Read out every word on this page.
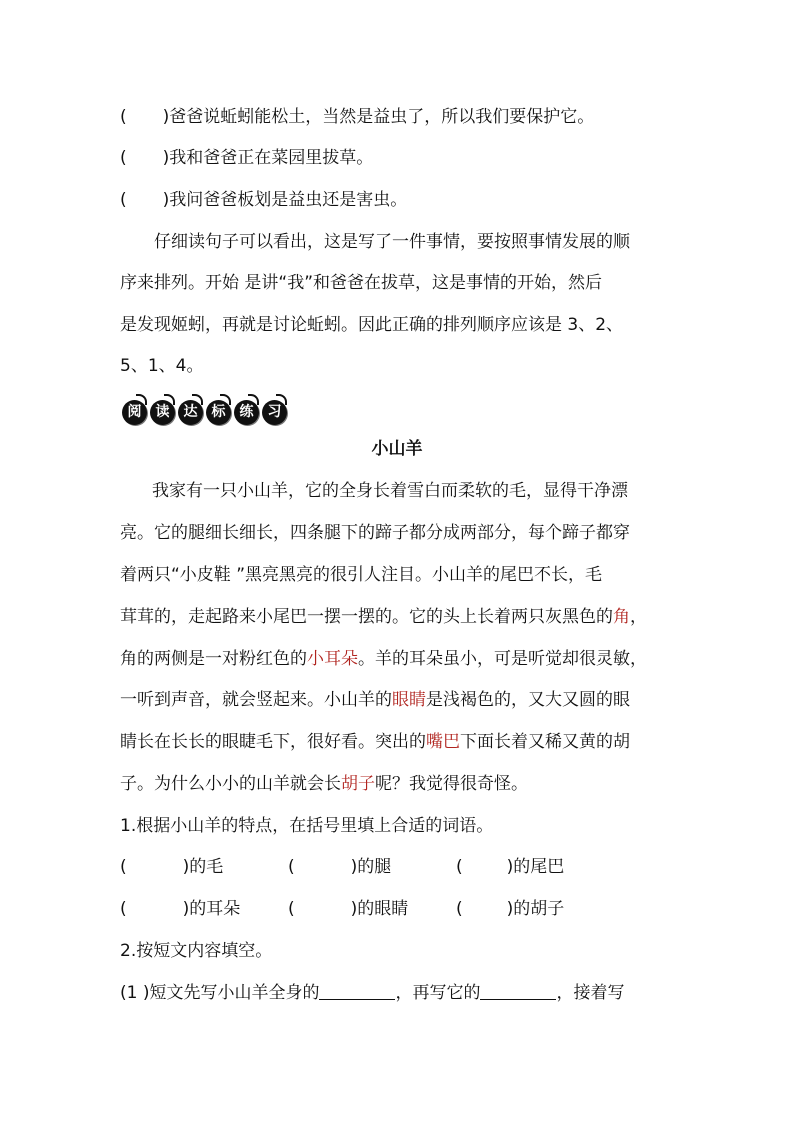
( )爸爸说蚯蚓能松土，当然是益虫了，所以我们要保护它。
( )我和爸爸正在菜园里拔草。
( )我问爸爸板划是益虫还是害虫。
仔细读句子可以看出，这是写了一件事情，要按照事情发展的顺
序来排列。开始 是讲“我”和爸爸在拔草，这是事情的开始，然后
是发现姬蚓，再就是讨论蚯蚓。因此正确的排列顺序应该是 3、2、
5、1、4。
阅	读	达	标	练	习
小山羊
我家有一只小山羊，它的全身长着雪白而柔软的毛，显得干净漂
亮。它的腿细长细长，四条腿下的蹄子都分成两部分，每个蹄子都穿
着两只“小皮鞋 ”黑亮黑亮的很引人注目。小山羊的尾巴不长，毛
茸茸的，走起路来小尾巴一摆一摆的。它的头上长着两只灰黑色的角，
角的两侧是一对粉红色的小耳朵。羊的耳朵虽小，可是听觉却很灵敏，
一听到声音，就会竖起来。小山羊的眼睛是浅褐色的，又大又圆的眼
睛长在长长的眼睫毛下，很好看。突出的嘴巴下面长着又稀又黄的胡
子。为什么小小的山羊就会长胡子呢？我觉得很奇怪。
1.根据小山羊的特点，在括号里填上合适的词语。
(	)的毛	(	)的腿	(	)的尾巴
(	)的耳朵	(	)的眼睛	(	)的胡子
2.按短文内容填空。
(1 )短文先写小山羊全身的	，再写它的	，接着写
